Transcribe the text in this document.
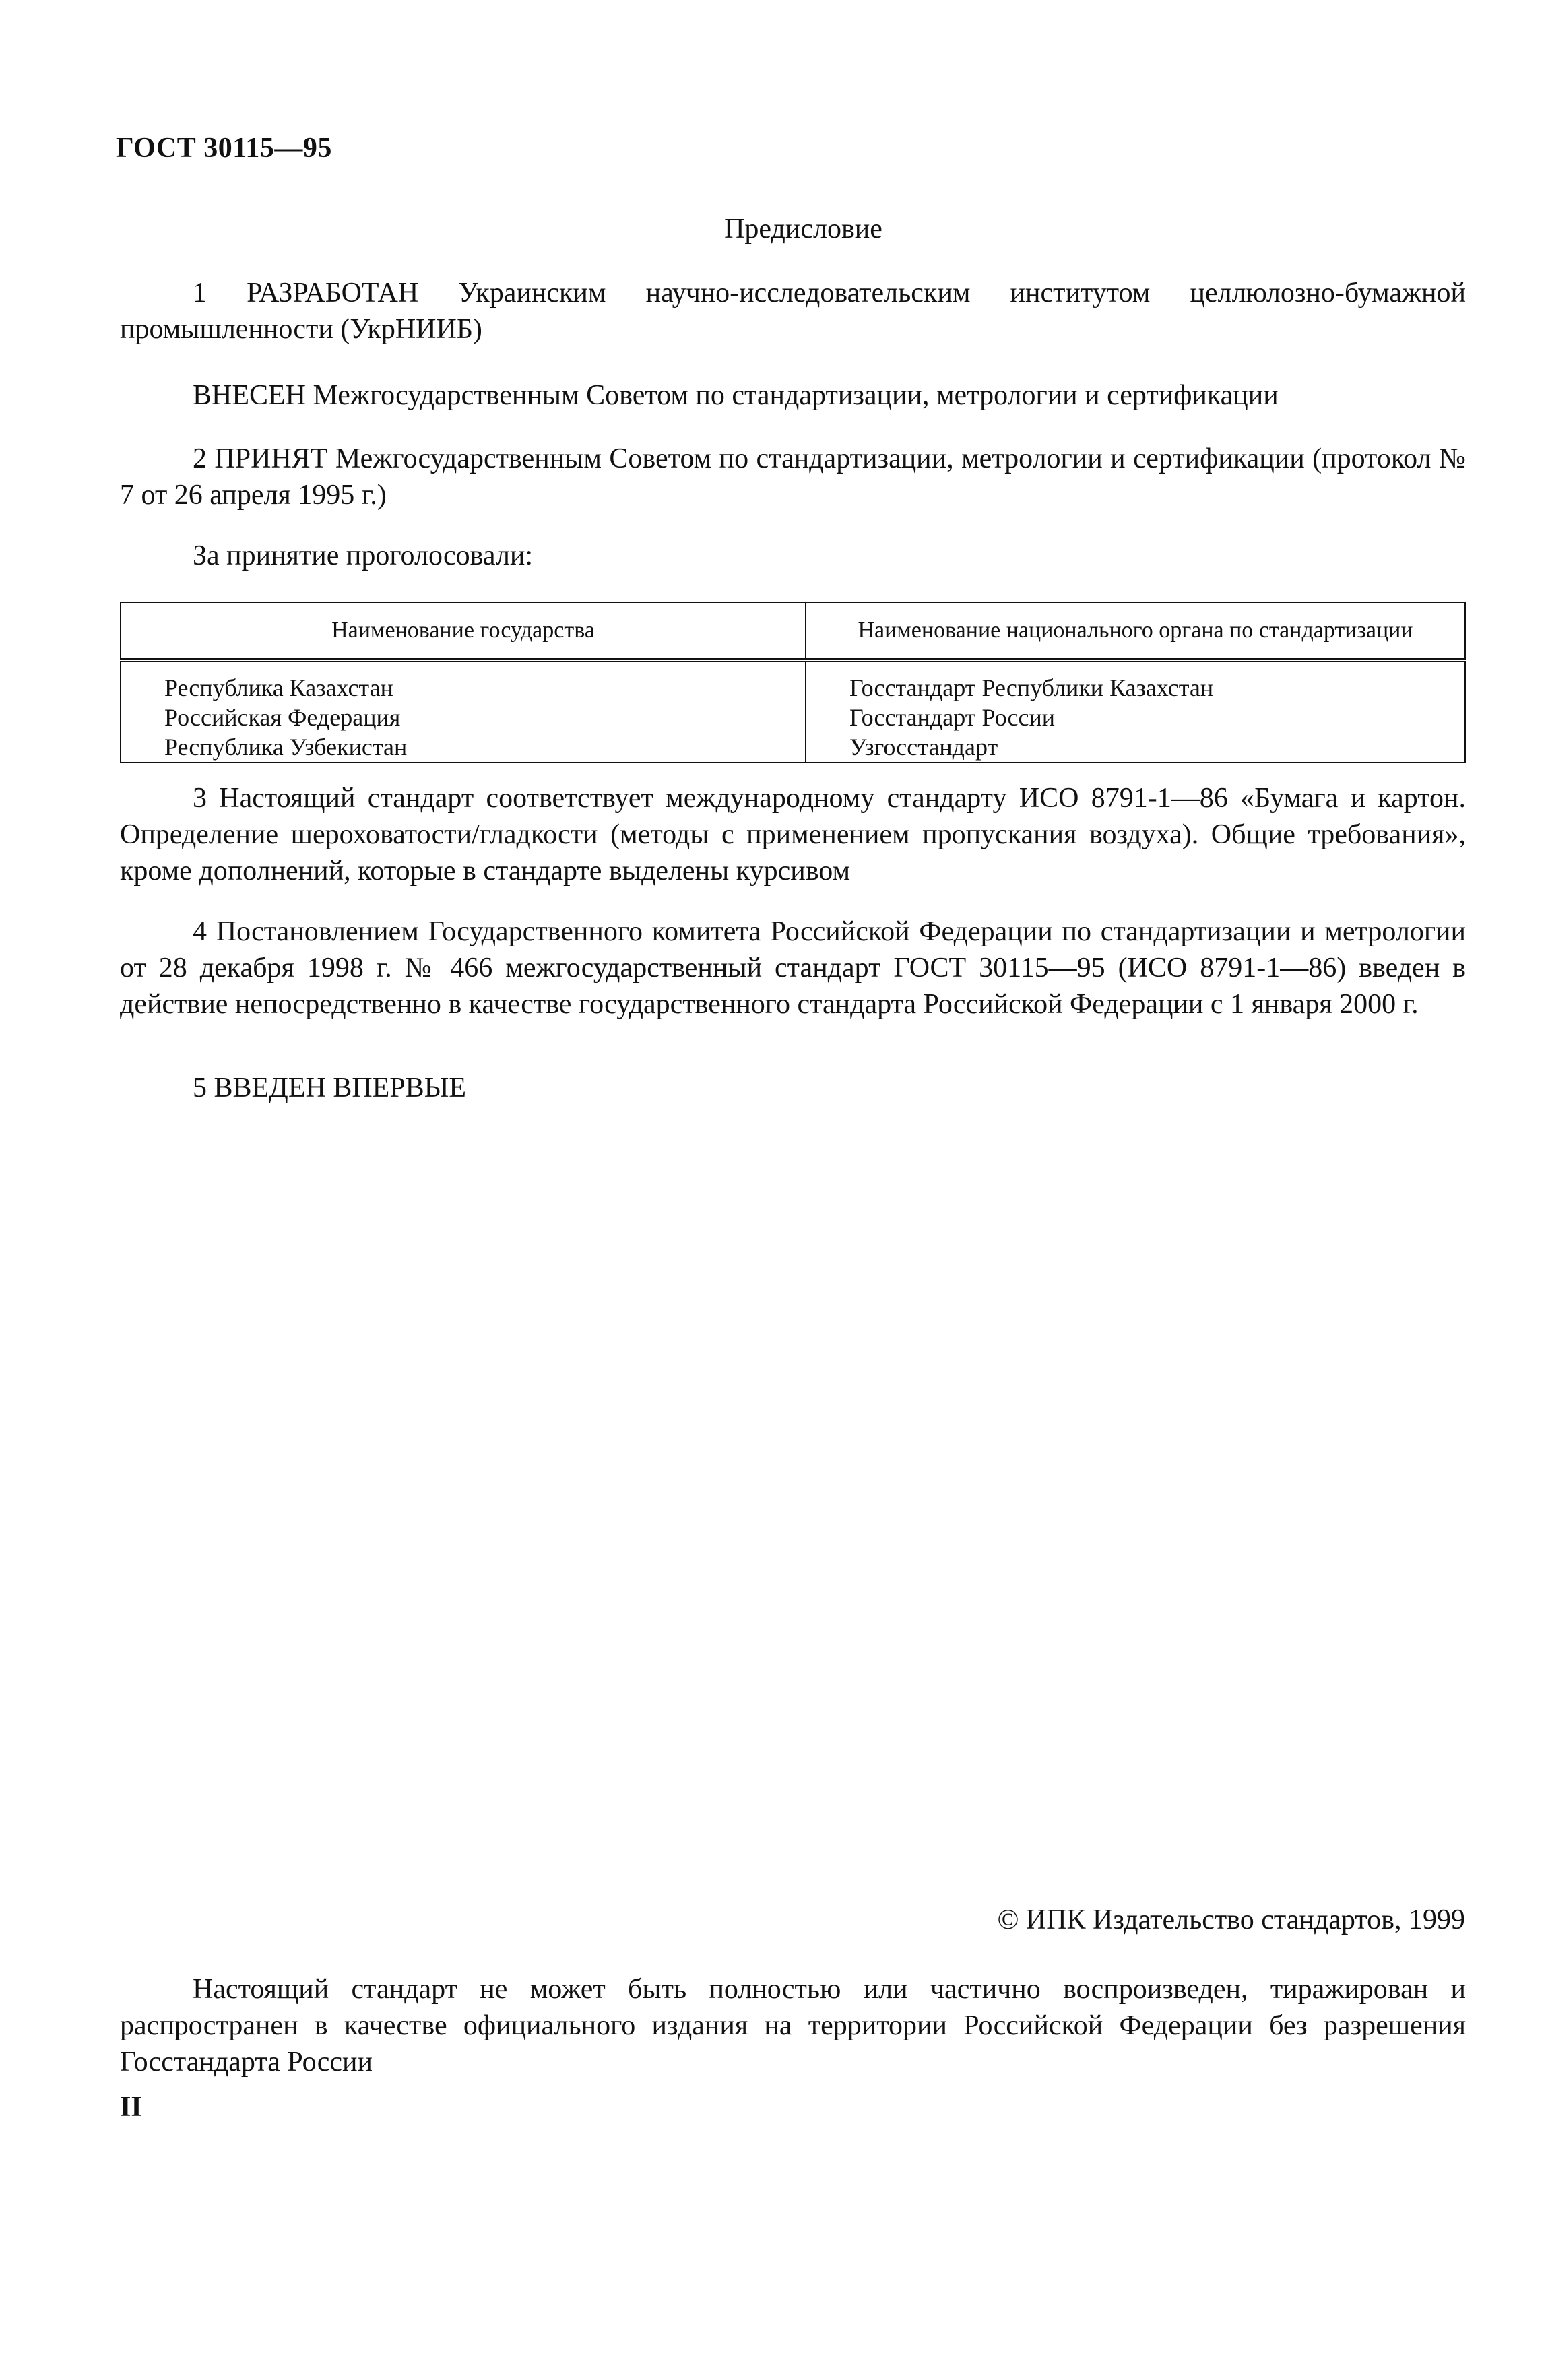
ГОСТ 30115—95
Предисловие
1 РАЗРАБОТАН Украинским научно-исследовательским институтом целлюлозно-бумажной промышленности (УкрНИИБ)
ВНЕСЕН Межгосударственным Советом по стандартизации, метрологии и сертификации
2 ПРИНЯТ Межгосударственным Советом по стандартизации, метрологии и сертификации (протокол № 7 от 26 апреля 1995 г.)
За принятие проголосовали:
Наименование государства	Наименование национального органа по стандартизации
Республика Казахстан	Госстандарт Республики Казахстан
Российская Федерация	Госстандарт России
Республика Узбекистан	Узгосстандарт
3 Настоящий стандарт соответствует международному стандарту ИСО 8791-1—86 «Бумага и картон. Определение шероховатости/гладкости (методы с применением пропускания воздуха). Общие требования», кроме дополнений, которые в стандарте выделены курсивом
4 Постановлением Государственного комитета Российской Федерации по стандартизации и метрологии от 28 декабря 1998 г. № 466 межгосударственный стандарт ГОСТ 30115—95 (ИСО 8791-1—86) введен в действие непосредственно в качестве государственного стандарта Российской Федерации с 1 января 2000 г.
5 ВВЕДЕН ВПЕРВЫЕ
© ИПК Издательство стандартов, 1999
Настоящий стандарт не может быть полностью или частично воспроизведен, тиражирован и распространен в качестве официального издания на территории Российской Федерации без разрешения Госстандарта России
II
